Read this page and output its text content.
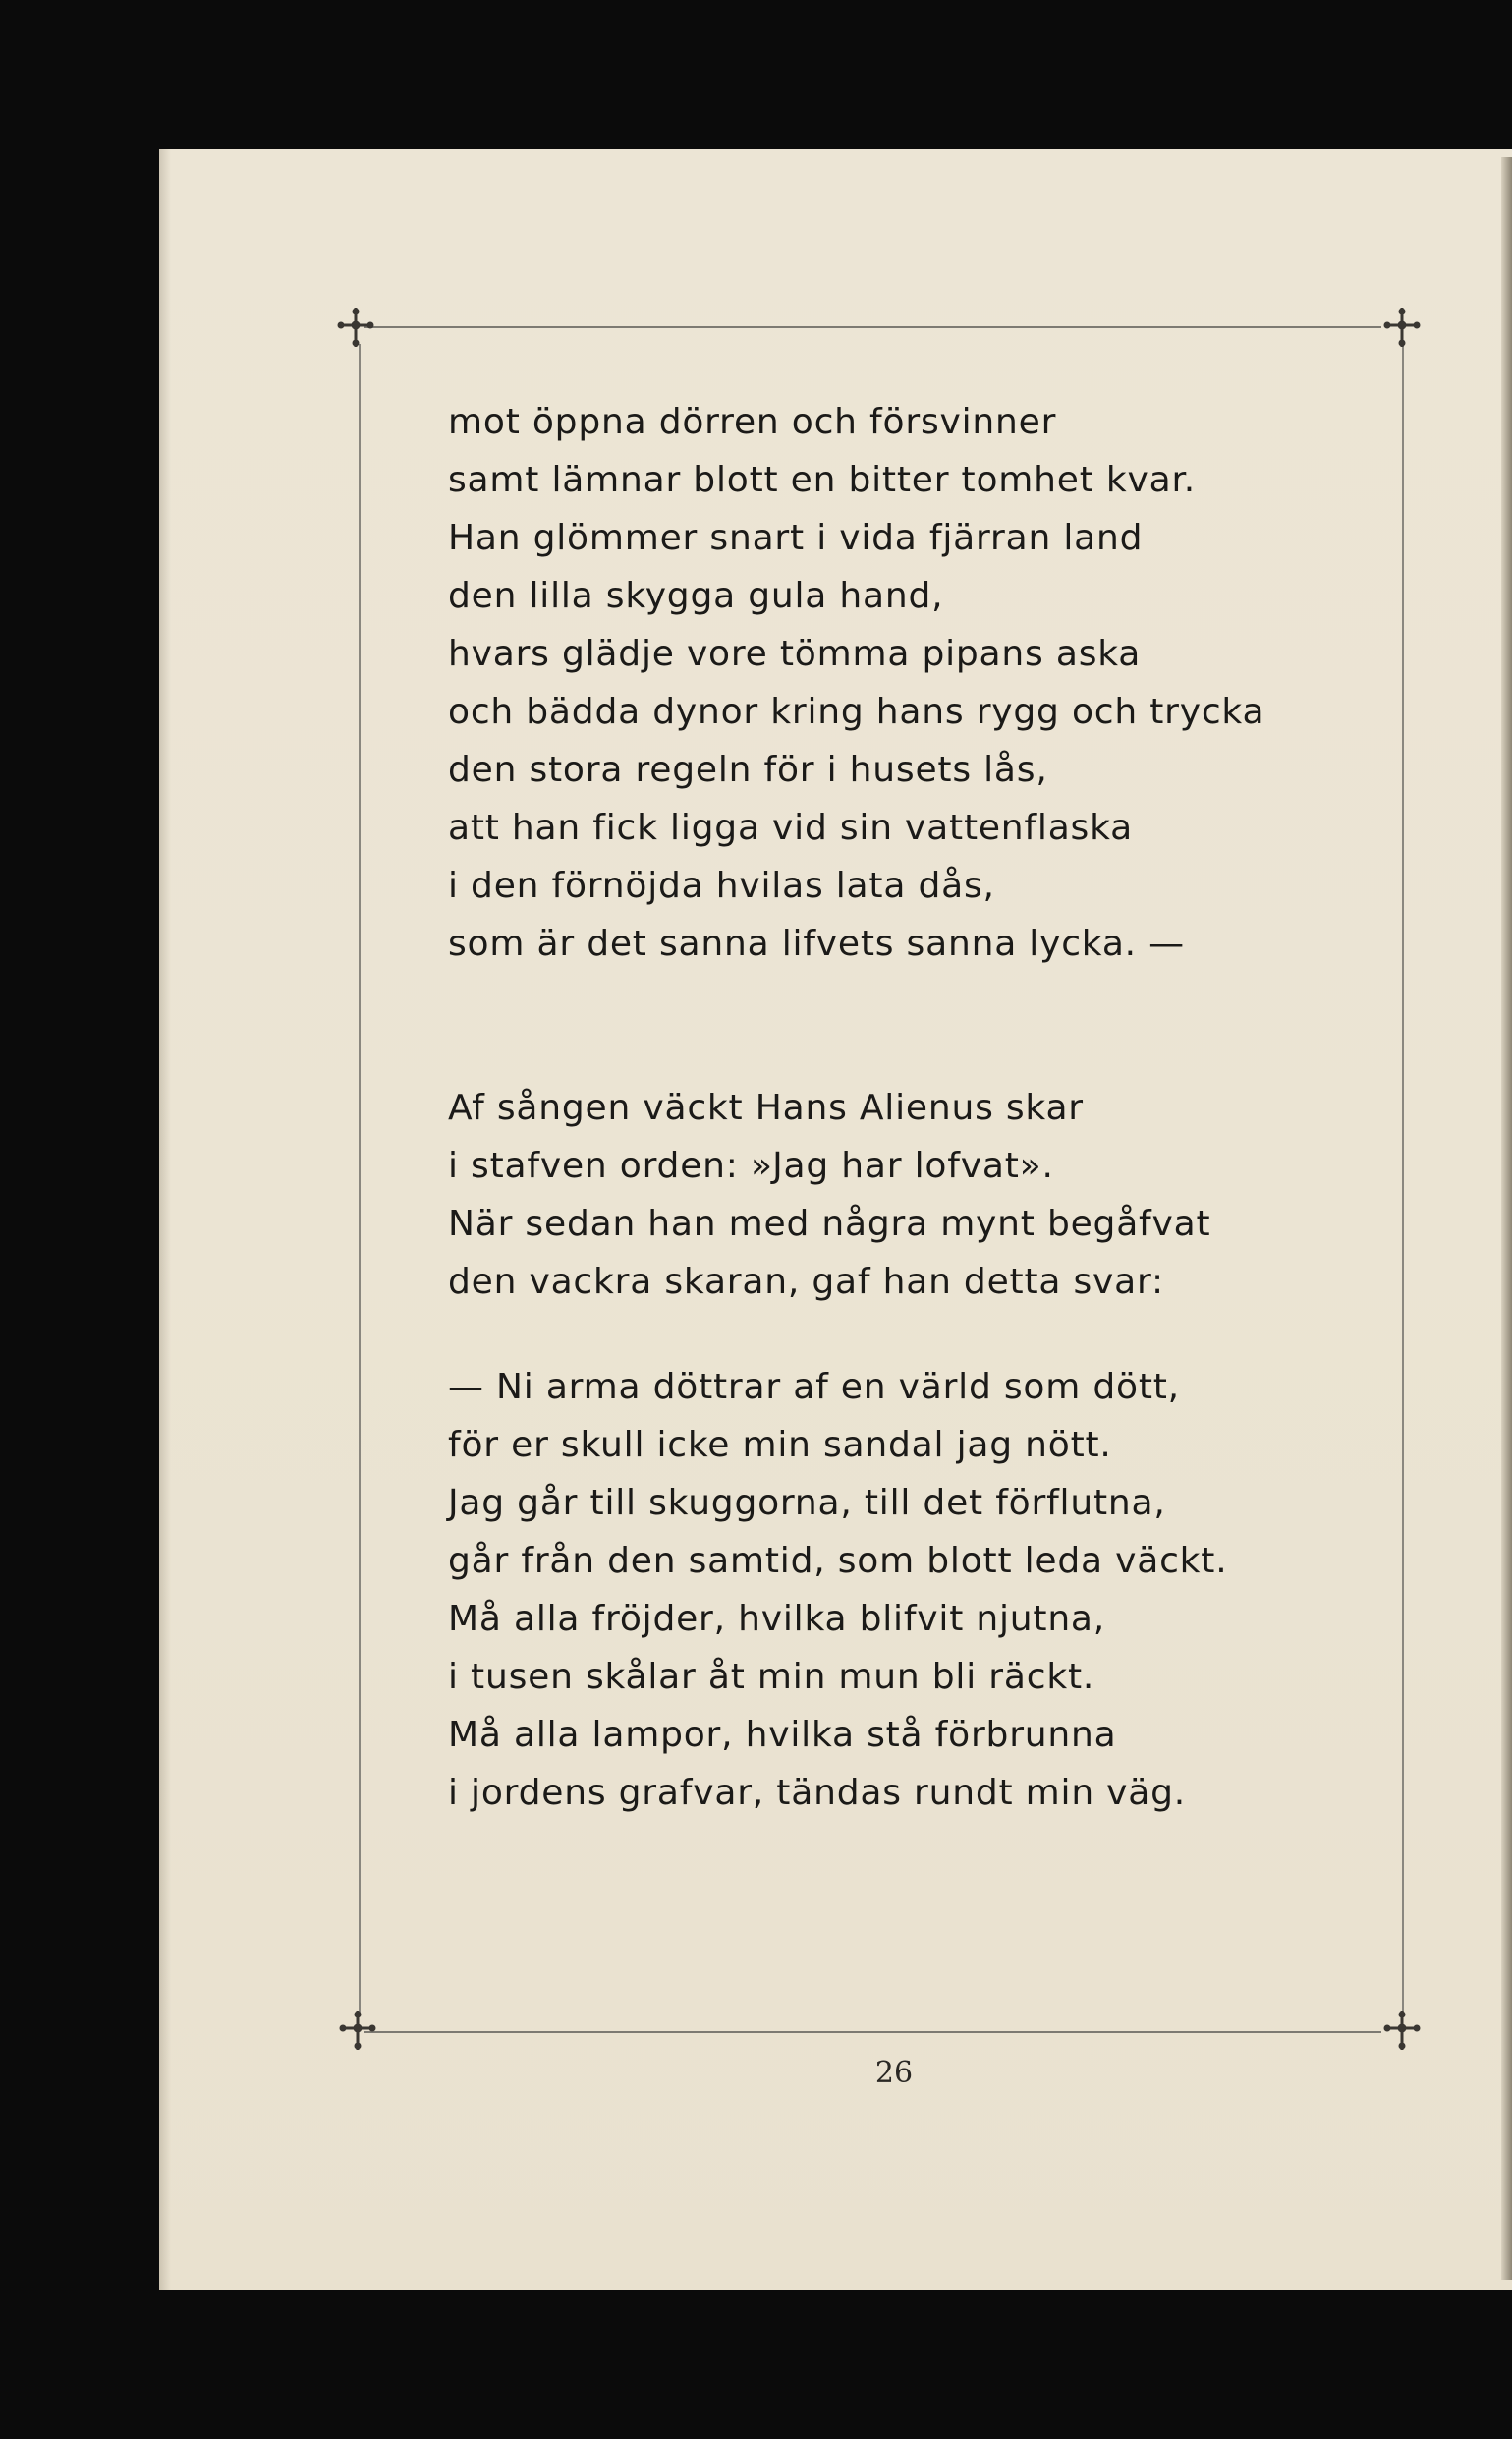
mot öppna dörren och försvinner
samt lämnar blott en bitter tomhet kvar.
Han glömmer snart i vida fjärran land
den lilla skygga gula hand,
hvars glädje vore tömma pipans aska
och bädda dynor kring hans rygg och trycka
den stora regeln för i husets lås,
att han fick ligga vid sin vattenflaska
i den förnöjda hvilas lata dås,
som är det sanna lifvets sanna lycka. —
Af sången väckt Hans Alienus skar
i stafven orden: »Jag har lofvat».
När sedan han med några mynt begåfvat
den vackra skaran, gaf han detta svar:
— Ni arma döttrar af en värld som dött,
för er skull icke min sandal jag nött.
Jag går till skuggorna, till det förflutna,
går från den samtid, som blott leda väckt.
Må alla fröjder, hvilka blifvit njutna,
i tusen skålar åt min mun bli räckt.
Må alla lampor, hvilka stå förbrunna
i jordens grafvar, tändas rundt min väg.
26
